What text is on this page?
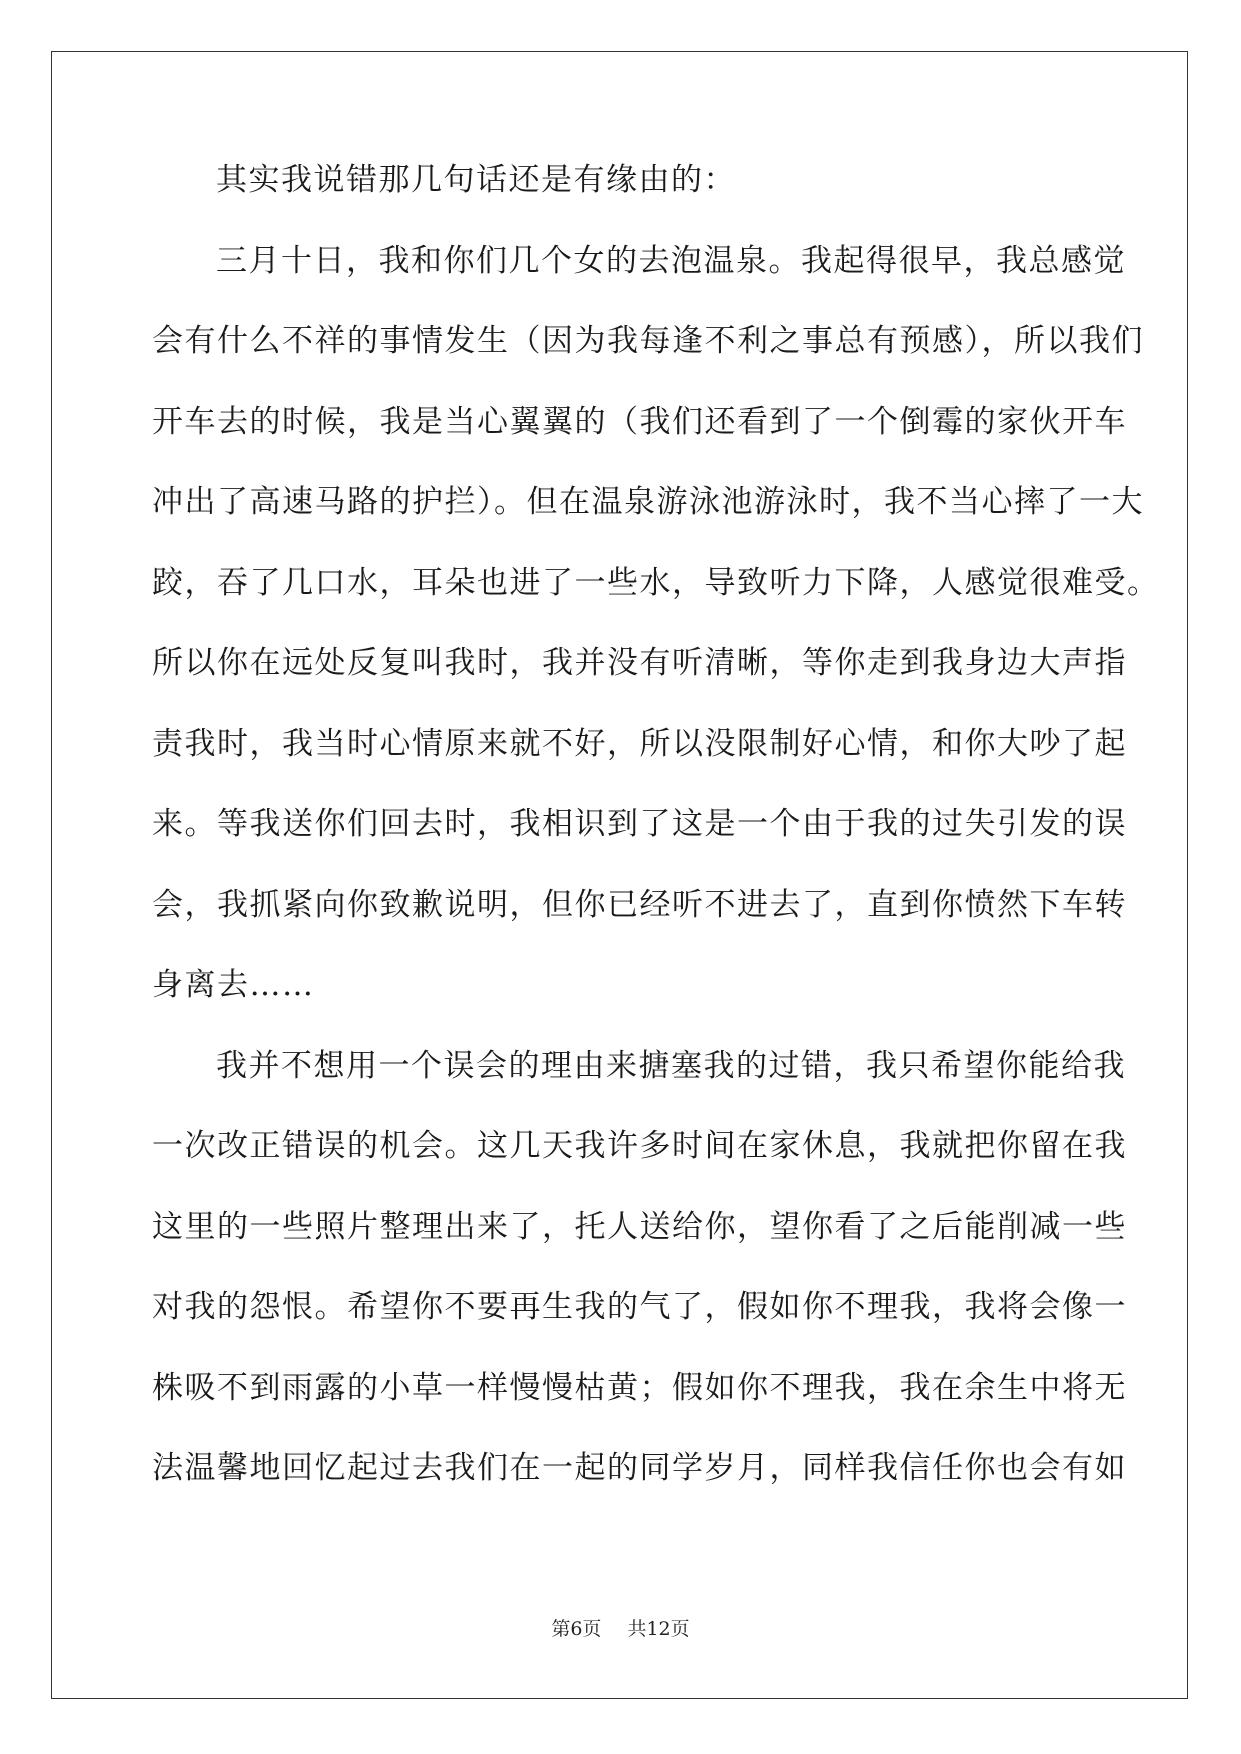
其实我说错那几句话还是有缘由的：
三月十日，我和你们几个女的去泡温泉。我起得很早，我总感觉
会有什么不祥的事情发生（因为我每逢不利之事总有预感），所以我们
开车去的时候，我是当心翼翼的（我们还看到了一个倒霉的家伙开车
冲出了高速马路的护拦）。但在温泉游泳池游泳时，我不当心摔了一大
跤，吞了几口水，耳朵也进了一些水，导致听力下降，人感觉很难受。
所以你在远处反复叫我时，我并没有听清晰，等你走到我身边大声指
责我时，我当时心情原来就不好，所以没限制好心情，和你大吵了起
来。等我送你们回去时，我相识到了这是一个由于我的过失引发的误
会，我抓紧向你致歉说明，但你已经听不进去了，直到你愤然下车转
身离去……
我并不想用一个误会的理由来搪塞我的过错，我只希望你能给我
一次改正错误的机会。这几天我许多时间在家休息，我就把你留在我
这里的一些照片整理出来了，托人送给你，望你看了之后能削减一些
对我的怨恨。希望你不要再生我的气了，假如你不理我，我将会像一
株吸不到雨露的小草一样慢慢枯黄；假如你不理我，我在余生中将无
法温馨地回忆起过去我们在一起的同学岁月，同样我信任你也会有如
第6页 共12页
